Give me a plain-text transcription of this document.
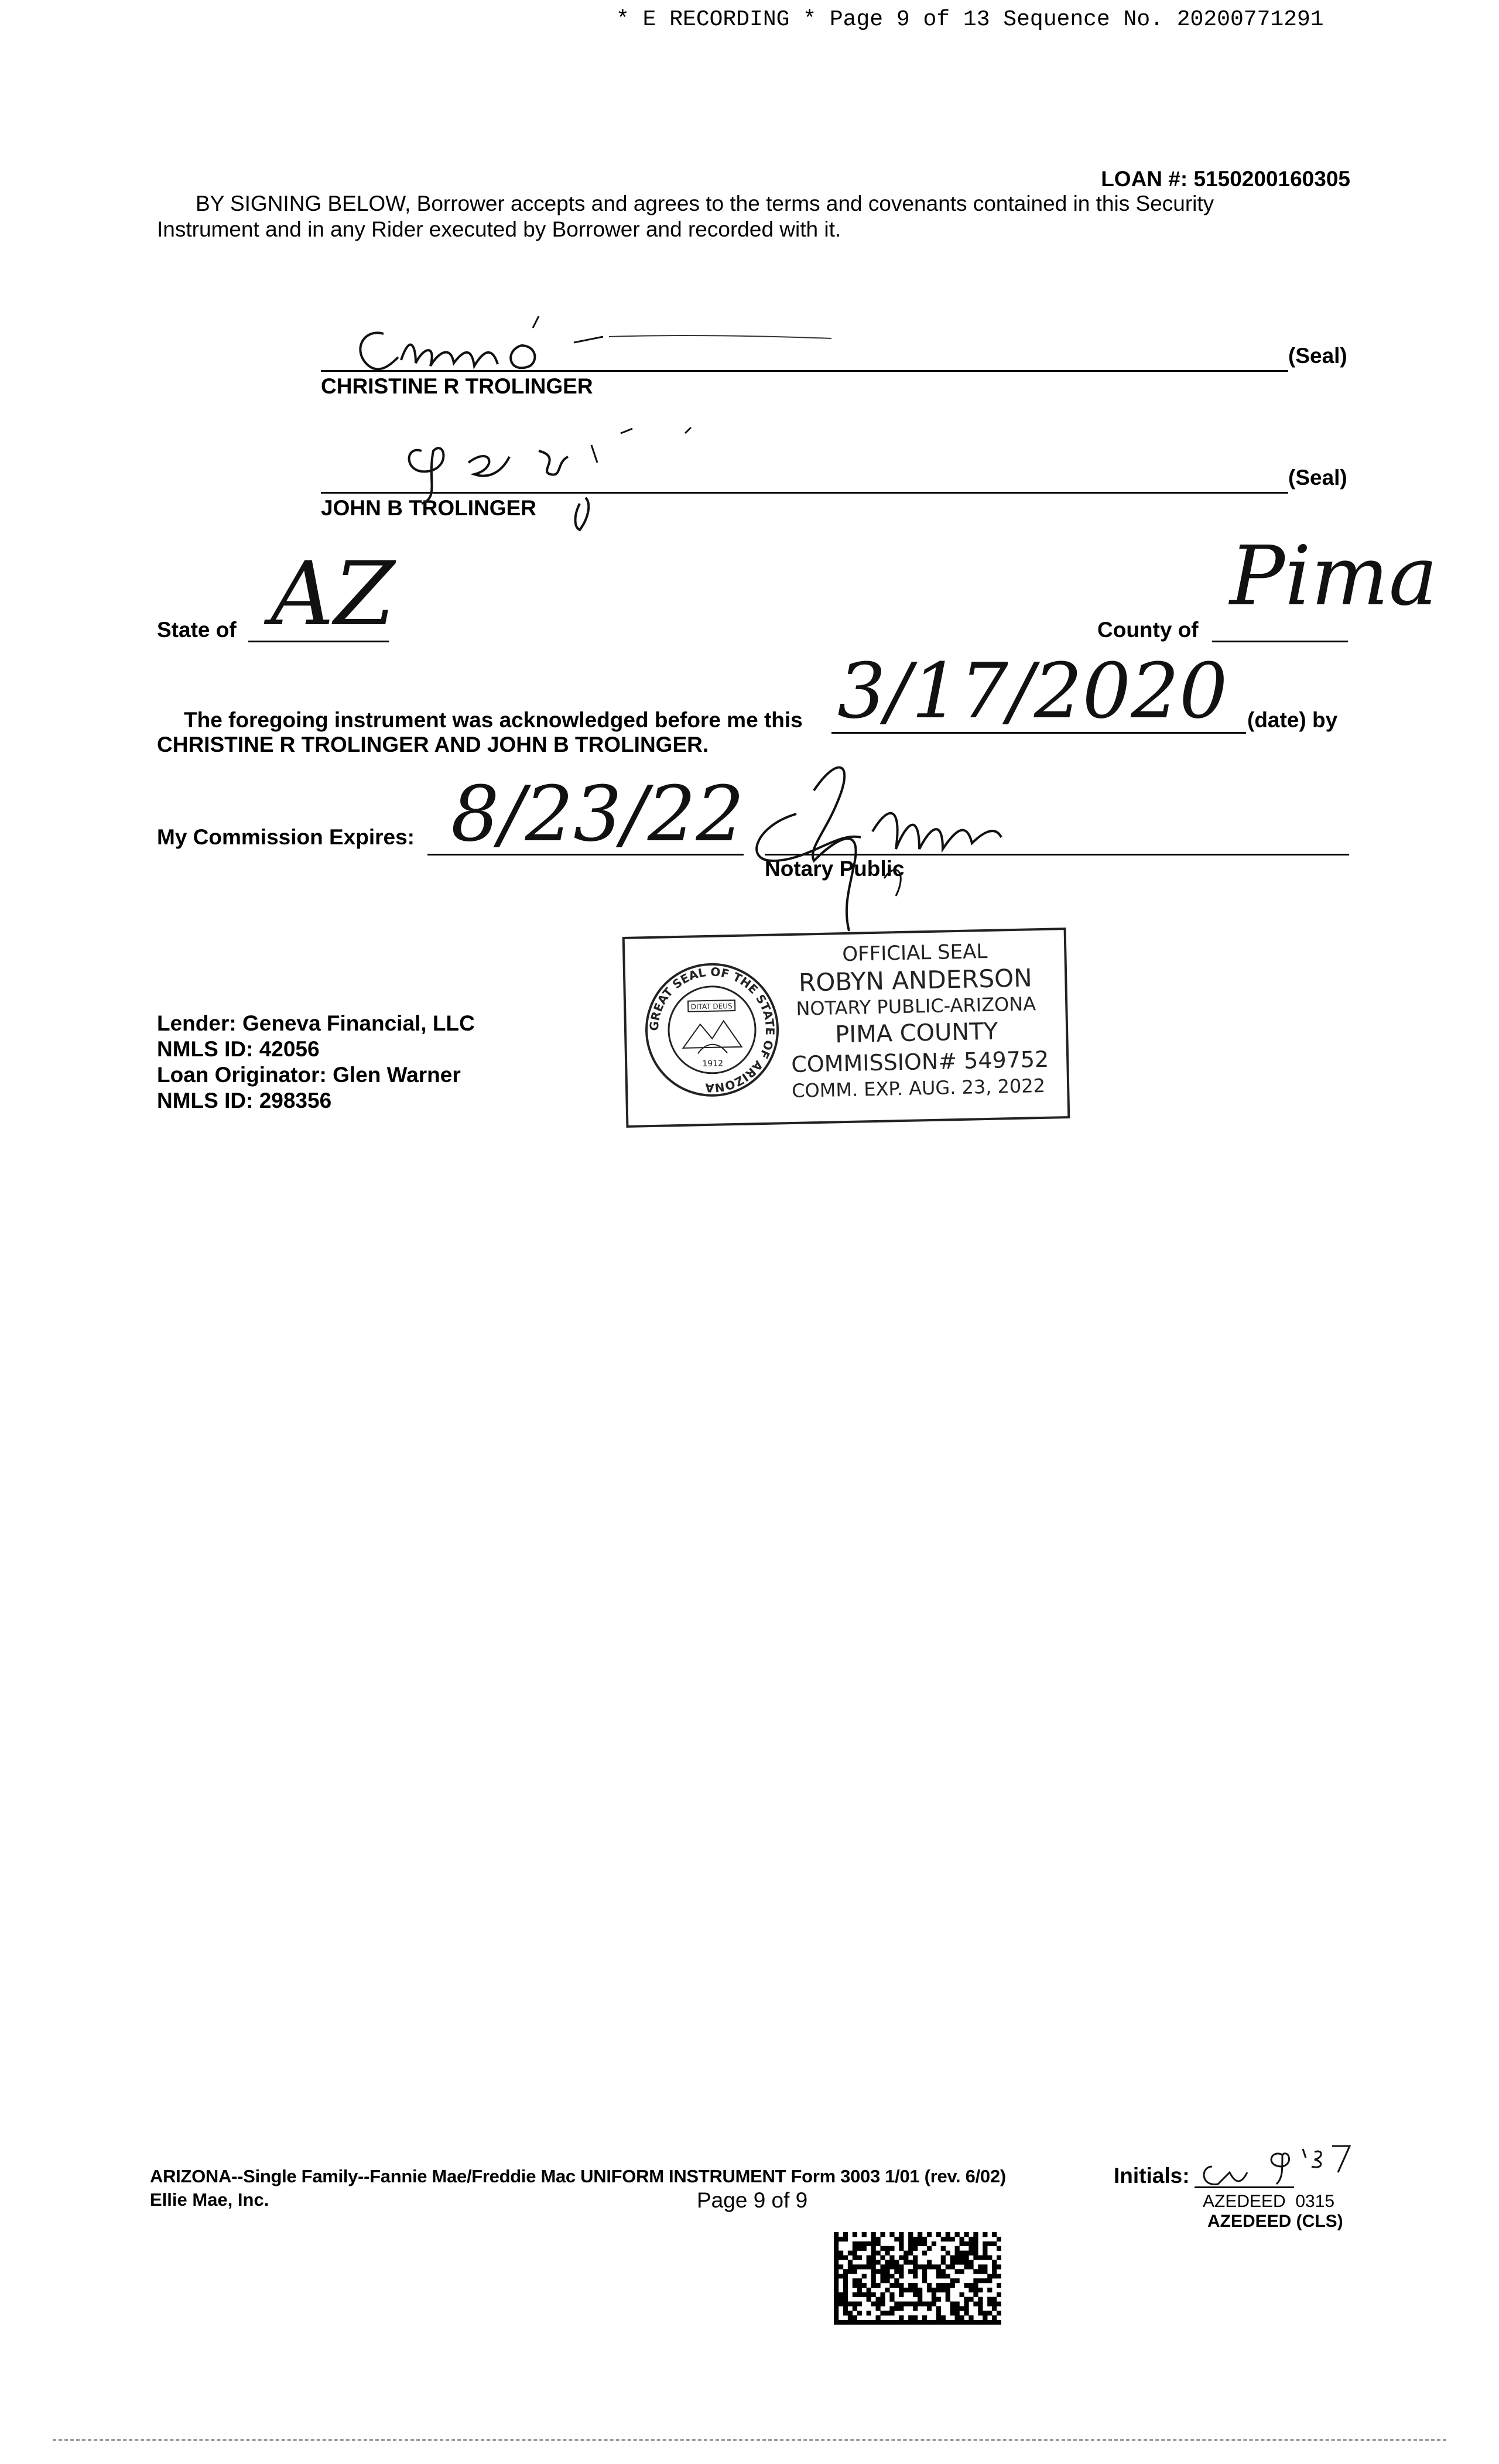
* E RECORDING * Page 9 of 13 Sequence No. 20200771291
LOAN #: 5150200160305
BY SIGNING BELOW, Borrower accepts and agrees to the terms and covenants contained in this Security
Instrument and in any Rider executed by Borrower and recorded with it.
(Seal)
CHRISTINE R TROLINGER
(Seal)
JOHN B TROLINGER
State of AZ	County of
Pima
The foregoing instrument was acknowledged before me this 3/17/2020 (date) by
CHRISTINE R TROLINGER AND JOHN B TROLINGER.
My Commission Expires: 8/23/22
Notary Public
Lender: Geneva Financial, LLC
NMLS ID: 42056
Loan Originator: Glen Warner
NMLS ID: 298356
GREAT SEAL OF THE STATE OF ARIZONA
DITAT DEUS
1912
OFFICIAL SEAL
ROBYN ANDERSON
NOTARY PUBLIC-ARIZONA
PIMA COUNTY
COMMISSION# 549752
COMM. EXP. AUG. 23, 2022
ARIZONA--Single Family--Fannie Mae/Freddie Mac UNIFORM INSTRUMENT Form 3003 1/01 (rev. 6/02)
Ellie Mae, Inc.	Page 9 of 9
Initials:
AZEDEED  0315
AZEDEED (CLS)
